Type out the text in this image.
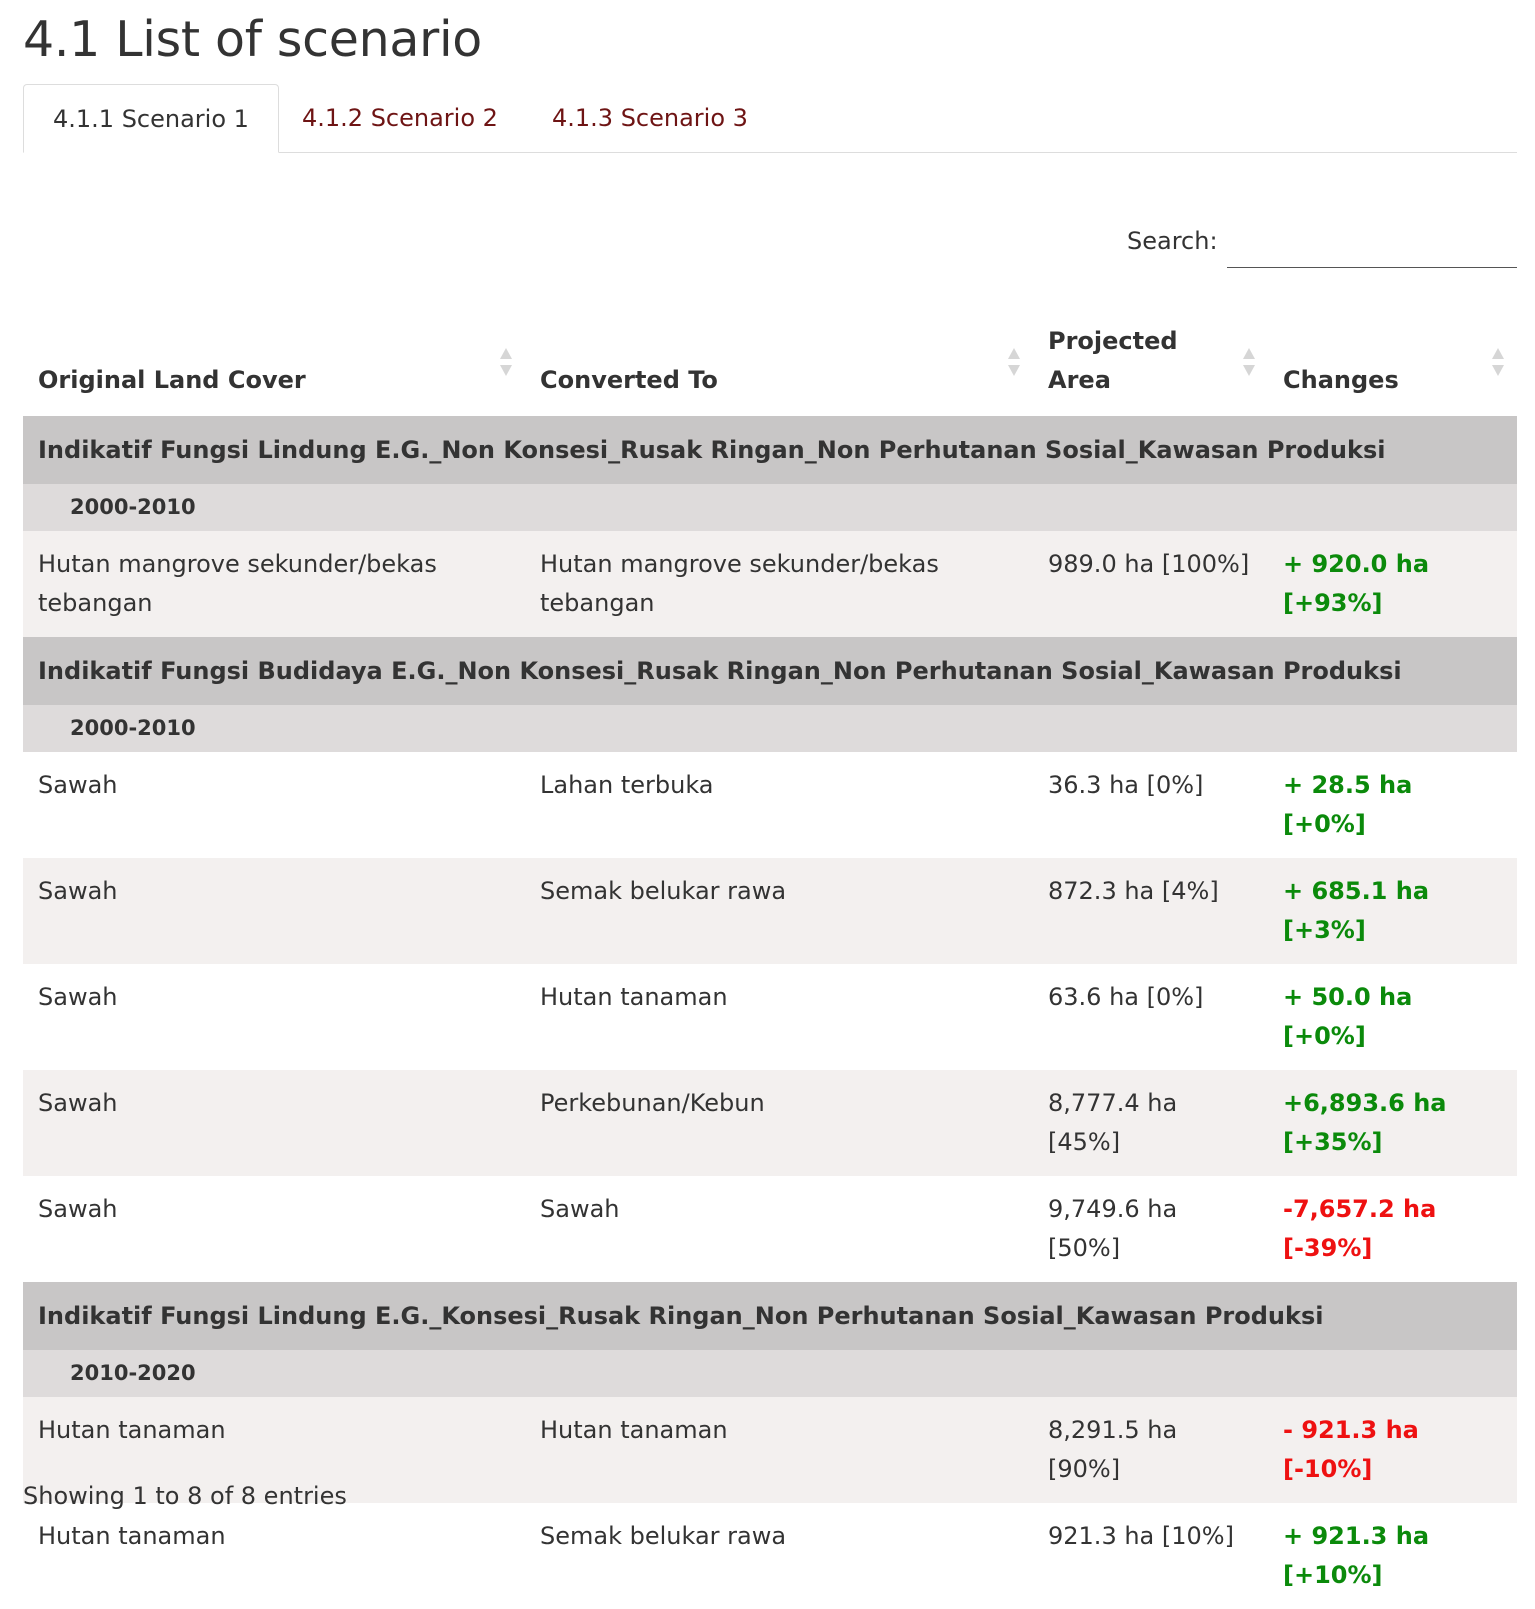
4.1 List of scenario
4.1.1 Scenario 1	4.1.2 Scenario 2	4.1.3 Scenario 3
Search:
Original Land Cover	Converted To	Projected Area	Changes

Indikatif Fungsi Lindung E.G._Non Konsesi_Rusak Ringan_Non Perhutanan Sosial_Kawasan Produksi			
2000-2010			
Hutan mangrove sekunder/bekas tebangan	Hutan mangrove sekunder/bekas tebangan	989.0 ha [100%]	+ 920.0 ha [+93%]
Indikatif Fungsi Budidaya E.G._Non Konsesi_Rusak Ringan_Non Perhutanan Sosial_Kawasan Produksi			
2000-2010			
Sawah	Lahan terbuka	36.3 ha [0%]	+ 28.5 ha [+0%]
Sawah	Semak belukar rawa	872.3 ha [4%]	+ 685.1 ha [+3%]
Sawah	Hutan tanaman	63.6 ha [0%]	+ 50.0 ha [+0%]
Sawah	Perkebunan/Kebun	8,777.4 ha [45%]	+6,893.6 ha [+35%]
Sawah	Sawah	9,749.6 ha [50%]	-7,657.2 ha [-39%]
Indikatif Fungsi Lindung E.G._Konsesi_Rusak Ringan_Non Perhutanan Sosial_Kawasan Produksi			
2010-2020			
Hutan tanaman	Hutan tanaman	8,291.5 ha [90%]	- 921.3 ha [-10%]
Hutan tanaman	Semak belukar rawa	921.3 ha [10%]	+ 921.3 ha [+10%]
Showing 1 to 8 of 8 entries
